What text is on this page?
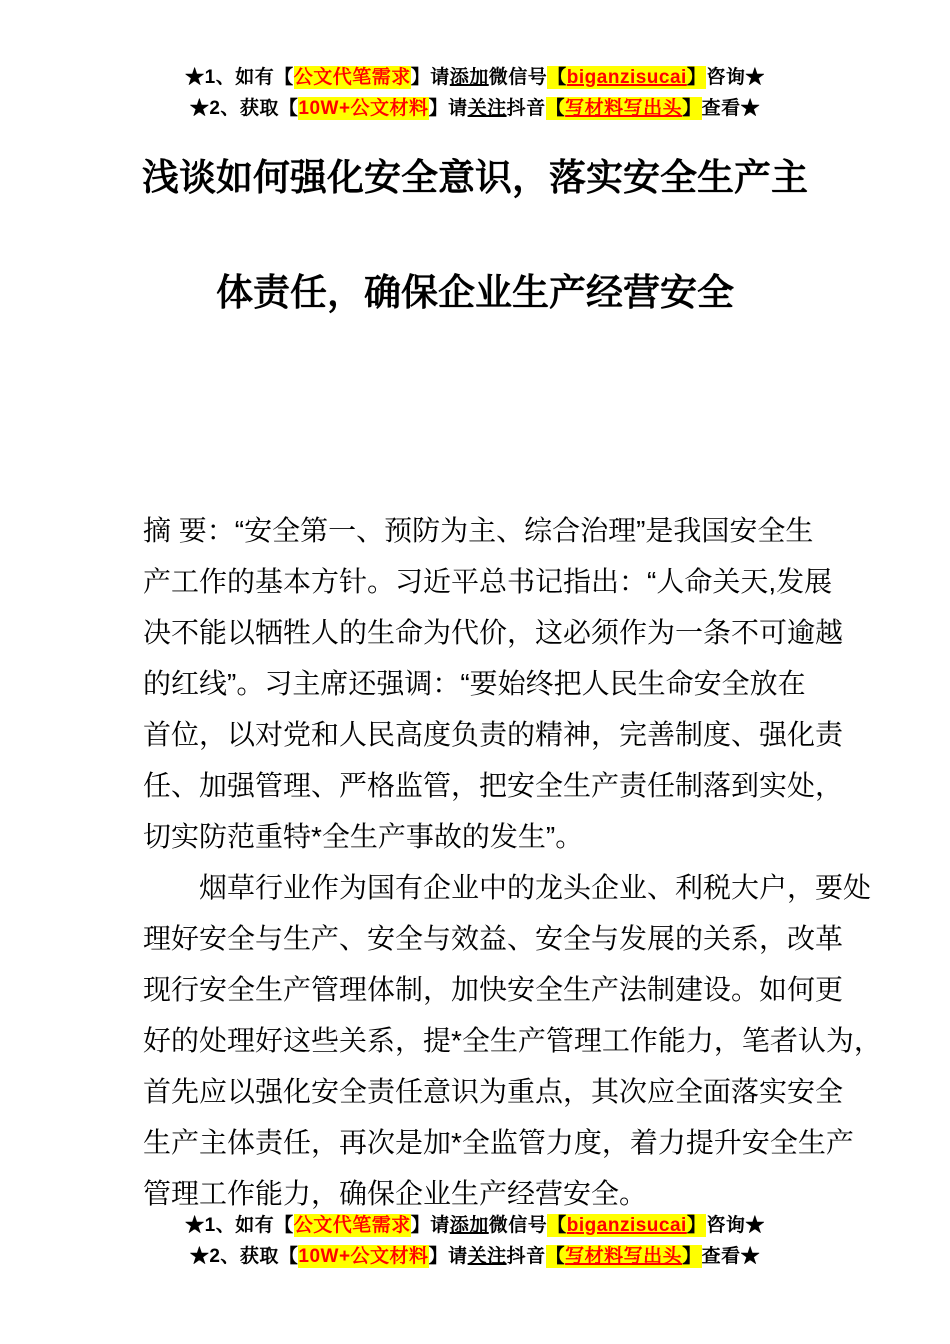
★1、如有【公文代笔需求】请添加微信号【biganzisucai】咨询★
★2、获取【10W+公文材料】请关注抖音【写材料写出头】查看★
浅谈如何强化安全意识，落实安全生产主
体责任，确保企业生产经营安全
摘 要：“安全第一、预防为主、综合治理”是我国安全生
产工作的基本方针。习近平总书记指出：“人命关天,发展
决不能以牺牲人的生命为代价，这必须作为一条不可逾越
的红线”。习主席还强调：“要始终把人民生命安全放在
首位，以对党和人民高度负责的精神，完善制度、强化责
任、加强管理、严格监管，把安全生产责任制落到实处，
切实防范重特*全生产事故的发生”。
烟草行业作为国有企业中的龙头企业、利税大户，要处
理好安全与生产、安全与效益、安全与发展的关系，改革
现行安全生产管理体制，加快安全生产法制建设。如何更
好的处理好这些关系，提*全生产管理工作能力，笔者认为，
首先应以强化安全责任意识为重点，其次应全面落实安全
生产主体责任，再次是加*全监管力度，着力提升安全生产
管理工作能力，确保企业生产经营安全。
★1、如有【公文代笔需求】请添加微信号【biganzisucai】咨询★
★2、获取【10W+公文材料】请关注抖音【写材料写出头】查看★
